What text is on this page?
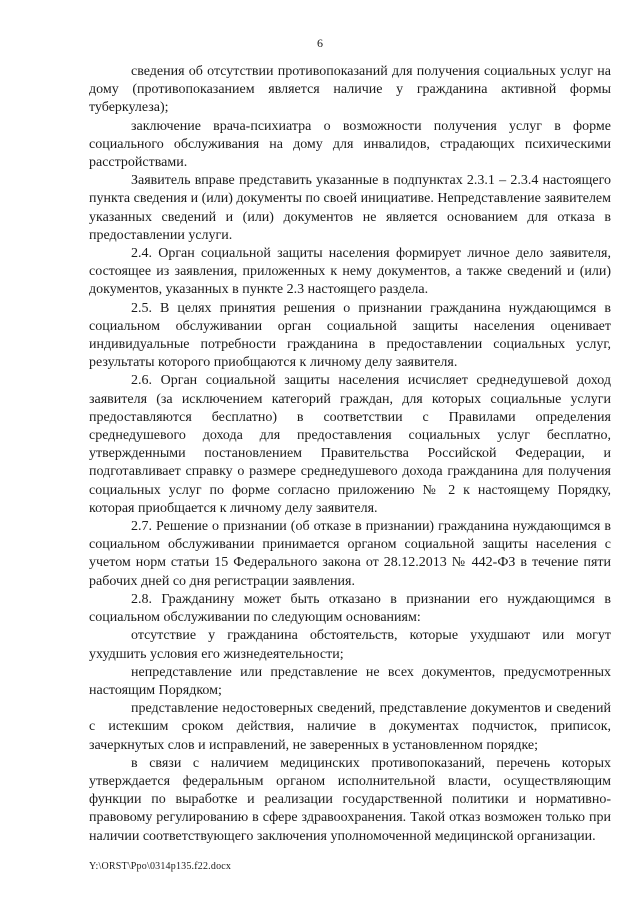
6

сведения об отсутствии противопоказаний для получения социальных услуг на дому (противопоказанием является наличие у гражданина активной формы туберкулеза);

заключение врача-психиатра о возможности получения услуг в форме социального обслуживания на дому для инвалидов, страдающих психическими расстройствами.

Заявитель вправе представить указанные в подпунктах 2.3.1 – 2.3.4 настоящего пункта сведения и (или) документы по своей инициативе. Непредставление заявителем указанных сведений и (или) документов не является основанием для отказа в предоставлении услуги.

2.4. Орган социальной защиты населения формирует личное дело заявителя, состоящее из заявления, приложенных к нему документов, а также сведений и (или) документов, указанных в пункте 2.3 настоящего раздела.

2.5. В целях принятия решения о признании гражданина нуждающимся в социальном обслуживании орган социальной защиты населения оценивает индивидуальные потребности гражданина в предоставлении социальных услуг, результаты которого приобщаются к личному делу заявителя.

2.6. Орган социальной защиты населения исчисляет среднедушевой доход заявителя (за исключением категорий граждан, для которых социальные услуги предоставляются бесплатно) в соответствии с Правилами определения среднедушевого дохода для предоставления социальных услуг бесплатно, утвержденными постановлением Правительства Российской Федерации, и подготавливает справку о размере среднедушевого дохода гражданина для получения социальных услуг по форме согласно приложению № 2 к настоящему Порядку, которая приобщается к личному делу заявителя.

2.7. Решение о признании (об отказе в признании) гражданина нуждающимся в социальном обслуживании принимается органом социальной защиты населения с учетом норм статьи 15 Федерального закона от 28.12.2013 № 442-ФЗ в течение пяти рабочих дней со дня регистрации заявления.

2.8. Гражданину может быть отказано в признании его нуждающимся в социальном обслуживании по следующим основаниям:

отсутствие у гражданина обстоятельств, которые ухудшают или могут ухудшить условия его жизнедеятельности;

непредставление или представление не всех документов, предусмотренных настоящим Порядком;

представление недостоверных сведений, представление документов и сведений с истекшим сроком действия, наличие в документах подчисток, приписок, зачеркнутых слов и исправлений, не заверенных в установленном порядке;

в связи с наличием медицинских противопоказаний, перечень которых утверждается федеральным органом исполнительной власти, осуществляющим функции по выработке и реализации государственной политики и нормативно-правовому регулированию в сфере здравоохранения. Такой отказ возможен только при наличии соответствующего заключения уполномоченной медицинской организации.

Y:\ORST\Ppo\0314p135.f22.docx
